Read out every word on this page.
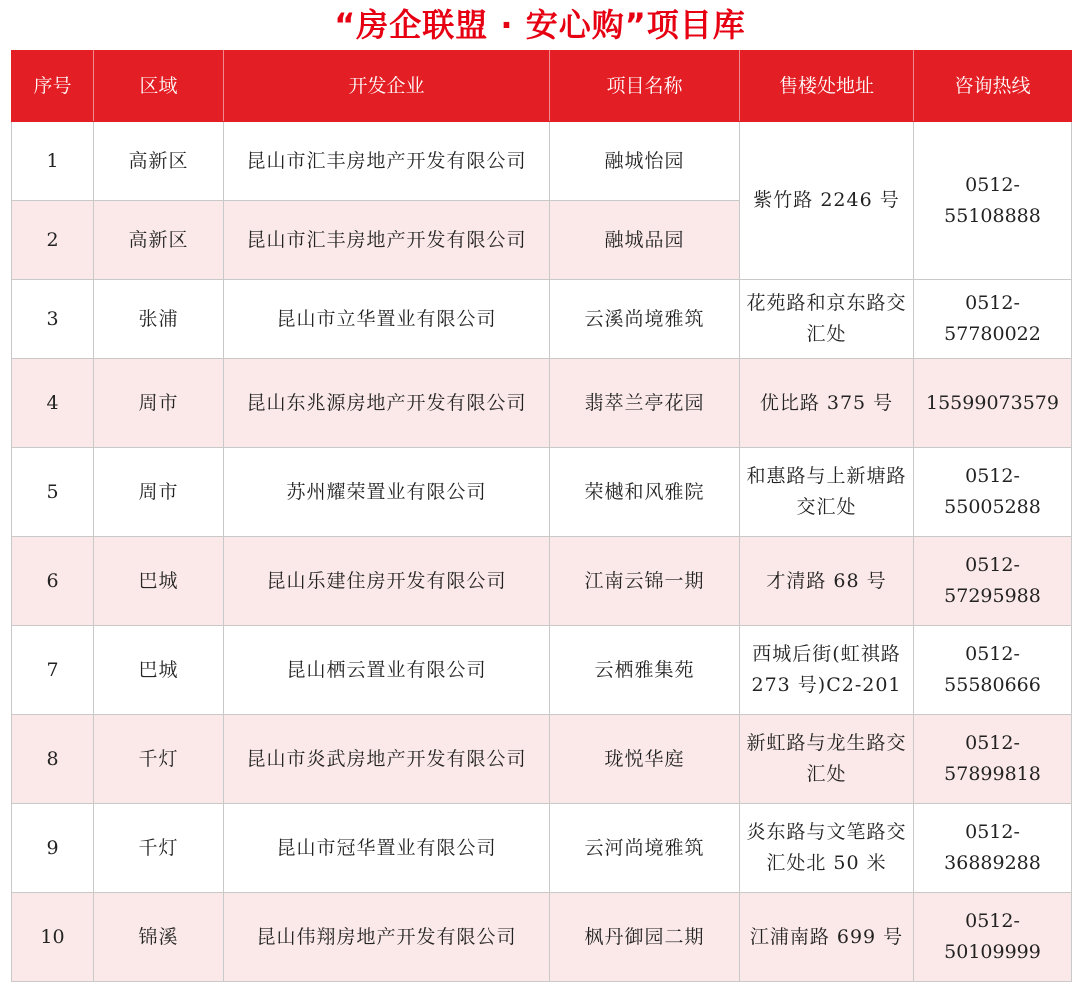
“房企联盟 · 安心购”项目库
序号	区域	开发企业	项目名称	售楼处地址	咨询热线
1	高新区	昆山市汇丰房地产开发有限公司	融城怡园	紫竹路 2246 号	0512-55108888
2	高新区	昆山市汇丰房地产开发有限公司	融城品园		
3	张浦	昆山市立华置业有限公司	云溪尚境雅筑	花苑路和京东路交汇处	0512-57780022
4	周市	昆山东兆源房地产开发有限公司	翡萃兰亭花园	优比路 375 号	15599073579
5	周市	苏州耀荣置业有限公司	荣樾和风雅院	和惠路与上新塘路交汇处	0512-55005288
6	巴城	昆山乐建住房开发有限公司	江南云锦一期	才清路 68 号	0512-57295988
7	巴城	昆山栖云置业有限公司	云栖雅集苑	西城后街(虹祺路 273 号)C2-201	0512-55580666
8	千灯	昆山市炎武房地产开发有限公司	珑悦华庭	新虹路与龙生路交汇处	0512-57899818
9	千灯	昆山市冠华置业有限公司	云河尚境雅筑	炎东路与文笔路交汇处北 50 米	0512-36889288
10	锦溪	昆山伟翔房地产开发有限公司	枫丹御园二期	江浦南路 699 号	0512-50109999
